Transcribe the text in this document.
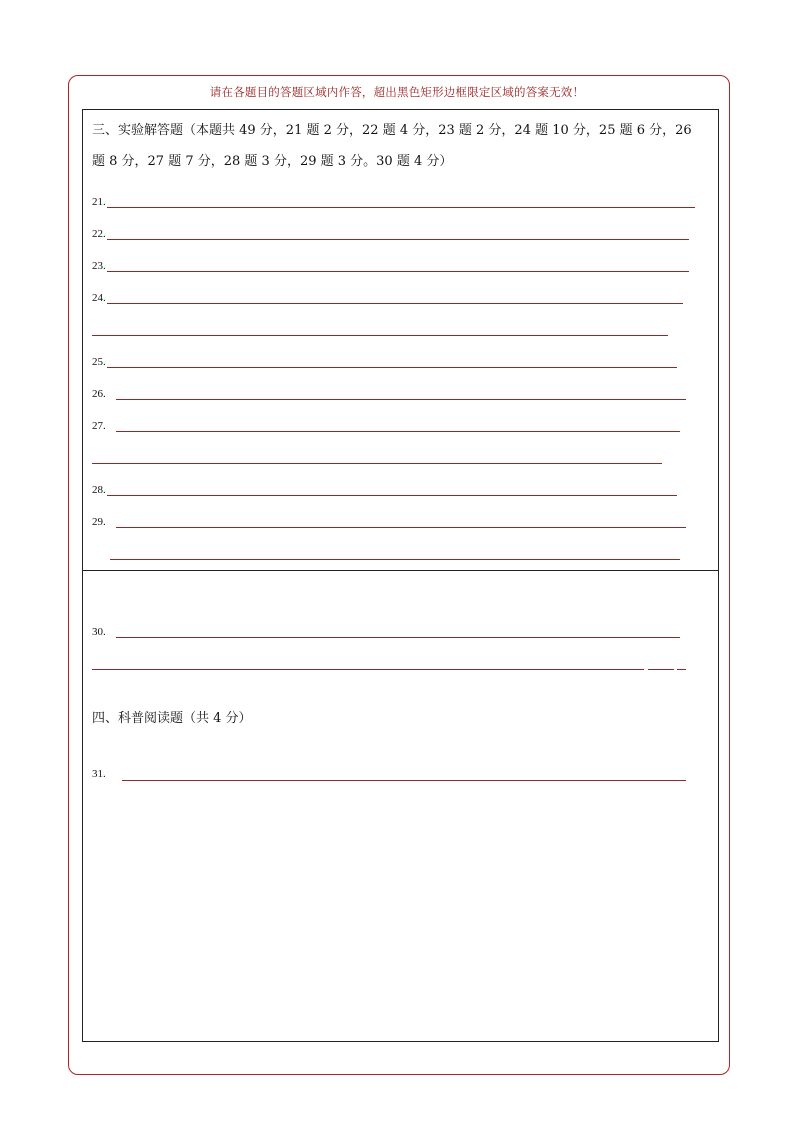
请在各题目的答题区域内作答，超出黑色矩形边框限定区域的答案无效！
三、实验解答题（本题共 49 分，21 题 2 分，22 题 4 分，23 题 2 分，24 题 10 分，25 题 6 分，26
题 8 分，27 题 7 分，28 题 3 分，29 题 3 分。30 题 4 分）
21.
22.
23.
24.
25.
26.
27.
28.
29.
30.
四、科普阅读题（共 4 分）
31.
